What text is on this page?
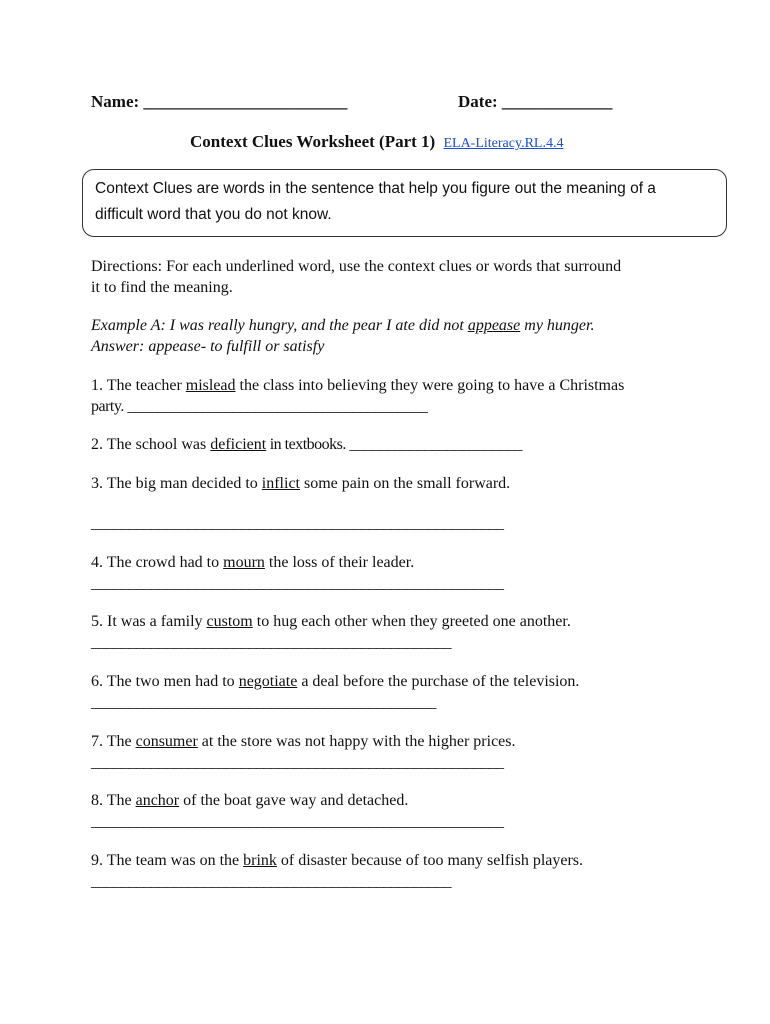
Name: ________________________	Date: _____________
Context Clues Worksheet (Part 1) ELA-Literacy.RL.4.4
Context Clues are words in the sentence that help you figure out the meaning of a
difficult word that you do not know.
Directions: For each underlined word, use the context clues or words that surround
it to find the meaning.
Example A: I was really hungry, and the pear I ate did not appease my hunger.
Answer: appease- to fulfill or satisfy
1. The teacher mislead the class into believing they were going to have a Christmas
party. ________________________________________
2. The school was deficient in textbooks. _______________________
3. The big man decided to inflict some pain on the small forward.
_______________________________________________________
4. The crowd had to mourn the loss of their leader.
_______________________________________________________
5. It was a family custom to hug each other when they greeted one another.
________________________________________________
6. The two men had to negotiate a deal before the purchase of the television.
______________________________________________
7. The consumer at the store was not happy with the higher prices.
_______________________________________________________
8. The anchor of the boat gave way and detached.
_______________________________________________________
9. The team was on the brink of disaster because of too many selfish players.
________________________________________________
